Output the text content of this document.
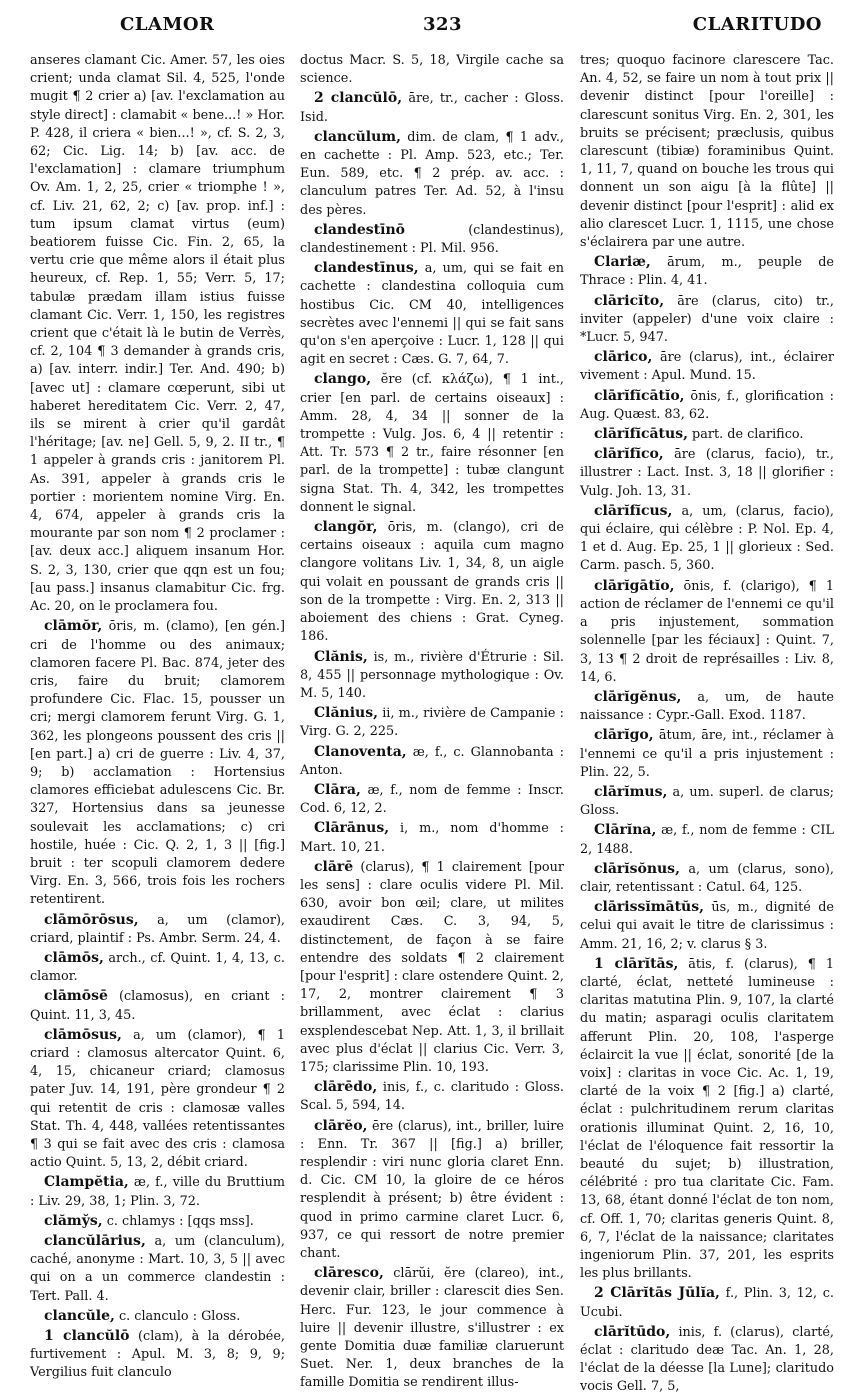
CLAMOR	323	CLARITUDO

anseres clamant Cic. Amer. 57, les oies crient; unda clamat Sil. 4, 525, l'onde mugit ¶ 2 crier a) [av. l'exclamation au style direct] : clamabit « bene...! » Hor. P. 428, il criera « bien...! », cf. S. 2, 3, 62; Cic. Lig. 14; b) [av. acc. de l'exclamation] : clamare triumphum Ov. Am. 1, 2, 25, crier « triomphe ! », cf. Liv. 21, 62, 2; c) [av. prop. inf.] : tum ipsum clamat virtus (eum) beatiorem fuisse Cic. Fin. 2, 65, la vertu crie que même alors il était plus heureux, cf. Rep. 1, 55; Verr. 5, 17; tabulæ prædam illam istius fuisse clamant Cic. Verr. 1, 150, les registres crient que c'était là le butin de Verrès, cf. 2, 104 ¶ 3 demander à grands cris, a) [av. interr. indir.] Ter. And. 490; b) [avec ut] : clamare cœperunt, sibi ut haberet hereditatem Cic. Verr. 2, 47, ils se mirent à crier qu'il gardât l'héritage; [av. ne] Gell. 5, 9, 2. II tr., ¶ 1 appeler à grands cris : janitorem Pl. As. 391, appeler à grands cris le portier : morientem nomine Virg. En. 4, 674, appeler à grands cris la mourante par son nom ¶ 2 proclamer : [av. deux acc.] aliquem insanum Hor. S. 2, 3, 130, crier que qqn est un fou; [au pass.] insanus clamabitur Cic. frg. Ac. 20, on le proclamera fou.

clāmŏr, ōris, m. (clamo), [en gén.] cri de l'homme ou des animaux; clamoren facere Pl. Bac. 874, jeter des cris, faire du bruit; clamorem profundere Cic. Flac. 15, pousser un cri; mergi clamorem ferunt Virg. G. 1, 362, les plongeons poussent des cris || [en part.] a) cri de guerre : Liv. 4, 37, 9; b) acclamation : Hortensius clamores efficiebat adulescens Cic. Br. 327, Hortensius dans sa jeunesse soulevait les acclamations; c) cri hostile, huée : Cic. Q. 2, 1, 3 || [fig.] bruit : ter scopuli clamorem dedere Virg. En. 3, 566, trois fois les rochers retentirent.

clāmōrōsus, a, um (clamor), criard, plaintif : Ps. Ambr. Serm. 24, 4.

clāmōs, arch., cf. Quint. 1, 4, 13, c. clamor.

clāmōsē (clamosus), en criant : Quint. 11, 3, 45.

clāmōsus, a, um (clamor), ¶ 1 criard : clamosus altercator Quint. 6, 4, 15, chicaneur criard; clamosus pater Juv. 14, 191, père grondeur ¶ 2 qui retentit de cris : clamosæ valles Stat. Th. 4, 448, vallées retentissantes ¶ 3 qui se fait avec des cris : clamosa actio Quint. 5, 13, 2, débit criard.

Clampĕtia, æ, f., ville du Bruttium : Liv. 29, 38, 1; Plin. 3, 72.

clămy̆s, c. chlamys : [qqs mss].

clancŭlārius, a, um (clanculum), caché, anonyme : Mart. 10, 3, 5 || avec qui on a un commerce clandestin : Tert. Pall. 4.

clancŭle, c. clanculo : Gloss.

1 clancŭlō (clam), à la dérobée, furtivement : Apul. M. 3, 8; 9, 9; Vergilius fuit clanculo

doctus Macr. S. 5, 18, Virgile cache sa science.

2 clancŭlō, āre, tr., cacher : Gloss. Isid.

clancŭlum, dim. de clam, ¶ 1 adv., en cachette : Pl. Amp. 523, etc.; Ter. Eun. 589, etc. ¶ 2 prép. av. acc. : clanculum patres Ter. Ad. 52, à l'insu des pères.

clandestīnō	(clandestinus), clandestinement : Pl. Mil. 956.

clandestīnus, a, um, qui se fait en cachette : clandestina colloquia cum hostibus Cic. CM 40, intelligences secrètes avec l'ennemi || qui se fait sans qu'on s'en aperçoive : Lucr. 1, 128 || qui agit en secret : Cæs. G. 7, 64, 7.

clango, ĕre (cf. κλάζω), ¶ 1 int., crier [en parl. de certains oiseaux] : Amm. 28, 4, 34 || sonner de la trompette : Vulg. Jos. 6, 4 || retentir : Att. Tr. 573 ¶ 2 tr., faire résonner [en parl. de la trompette] : tubæ clangunt signa Stat. Th. 4, 342, les trompettes donnent le signal.

clangŏr, ōris, m. (clango), cri de certains oiseaux : aquila cum magno clangore volitans Liv. 1, 34, 8, un aigle qui volait en poussant de grands cris || son de la trompette : Virg. En. 2, 313 || aboiement des chiens : Grat. Cyneg. 186.

Clănis, is, m., rivière d'Étrurie : Sil. 8, 455 || personnage mythologique : Ov. M. 5, 140.

Clănius, ii, m., rivière de Campanie : Virg. G. 2, 225.

Clanoventa, æ, f., c. Glannobanta : Anton.

Clāra, æ, f., nom de femme : Inscr. Cod. 6, 12, 2.

Clārānus, i, m., nom d'homme : Mart. 10, 21.

clārē (clarus), ¶ 1 clairement [pour les sens] : clare oculis videre Pl. Mil. 630, avoir bon œil; clare, ut milites exaudirent Cæs. C. 3, 94, 5, distinctement, de façon à se faire entendre des soldats ¶ 2 clairement [pour l'esprit] : clare ostendere Quint. 2, 17, 2, montrer clairement ¶ 3 brillamment, avec éclat : clarius exsplendescebat Nep. Att. 1, 3, il brillait avec plus d'éclat || clarius Cic. Verr. 3, 175; clarissime Plin. 10, 193.

clārēdo, inis, f., c. claritudo : Gloss. Scal. 5, 594, 14.

clārĕo, ēre (clarus), int., briller, luire : Enn. Tr. 367 || [fig.] a) briller, resplendir : viri nunc gloria claret Enn. d. Cic. CM 10, la gloire de ce héros resplendit à présent; b) être évident : quod in primo carmine claret Lucr. 6, 937, ce qui ressort de notre premier chant.

clāresco, clārŭi, ĕre (clareo), int., devenir clair, briller : clarescit dies Sen. Herc. Fur. 123, le jour commence à luire || devenir illustre, s'illustrer : ex gente Domitia duæ familiæ claruerunt Suet. Ner. 1, deux branches de la famille Domitia se rendirent illus-

tres; quoquo facinore clarescere Tac. An. 4, 52, se faire un nom à tout prix || devenir distinct [pour l'oreille] : clarescunt sonitus Virg. En. 2, 301, les bruits se précisent; præclusis, quibus clarescunt (tibiæ) foraminibus Quint. 1, 11, 7, quand on bouche les trous qui donnent un son aigu [à la flûte] || devenir distinct [pour l'esprit] : alid ex alio clarescet Lucr. 1, 1115, une chose s'éclairera par une autre.

Clariæ, ārum, m., peuple de Thrace : Plin. 4, 41.

clāricĭto, āre (clarus, cito) tr., inviter (appeler) d'une voix claire : *Lucr. 5, 947.

clārico, āre (clarus), int., éclairer vivement : Apul. Mund. 15.

clārĭfĭcātĭo, ōnis, f., glorification : Aug. Quæst. 83, 62.

clārĭfĭcātus, part. de clarifico.

clārĭfĭco, āre (clarus, facio), tr., illustrer : Lact. Inst. 3, 18 || glorifier : Vulg. Joh. 13, 31.

clārĭfĭcus, a, um, (clarus, facio), qui éclaire, qui célèbre : P. Nol. Ep. 4, 1 et d. Aug. Ep. 25, 1 || glorieux : Sed. Carm. pasch. 5, 360.

clārĭgātĭo, ōnis, f. (clarigo), ¶ 1 action de réclamer de l'ennemi ce qu'il a pris injustement, sommation solennelle [par les féciaux] : Quint. 7, 3, 13 ¶ 2 droit de représailles : Liv. 8, 14, 6.

clārĭgĕnus, a, um, de haute naissance : Cypr.-Gall. Exod. 1187.

clārĭgo, ātum, āre, int., réclamer à l'ennemi ce qu'il a pris injustement : Plin. 22, 5.

clārĭmus, a, um. superl. de clarus; Gloss.

Clārĭna, æ, f., nom de femme : CIL 2, 1488.

clārĭsŏnus, a, um (clarus, sono), clair, retentissant : Catul. 64, 125.

clārissĭmātŭs, ūs, m., dignité de celui qui avait le titre de clarissimus : Amm. 21, 16, 2; v. clarus § 3.

1 clārĭtās, ātis, f. (clarus), ¶ 1 clarté, éclat, netteté lumineuse : claritas matutina Plin. 9, 107, la clarté du matin; asparagi oculis claritatem afferunt Plin. 20, 108, l'asperge éclaircit la vue || éclat, sonorité [de la voix] : claritas in voce Cic. Ac. 1, 19, clarté de la voix ¶ 2 [fig.] a) clarté, éclat : pulchritudinem rerum claritas orationis illuminat Quint. 2, 16, 10, l'éclat de l'éloquence fait ressortir la beauté du sujet; b) illustration, célébrité : pro tua claritate Cic. Fam. 13, 68, étant donné l'éclat de ton nom, cf. Off. 1, 70; claritas generis Quint. 8, 6, 7, l'éclat de la naissance; claritates ingeniorum Plin. 37, 201, les esprits les plus brillants.

2 Clārĭtās Jūlĭa, f., Plin. 3, 12, c. Ucubi.

clārĭtūdo, inis, f. (clarus), clarté, éclat : claritudo deæ Tac. An. 1, 28, l'éclat de la déesse [la Lune]; claritudo vocis Gell. 7, 5,
